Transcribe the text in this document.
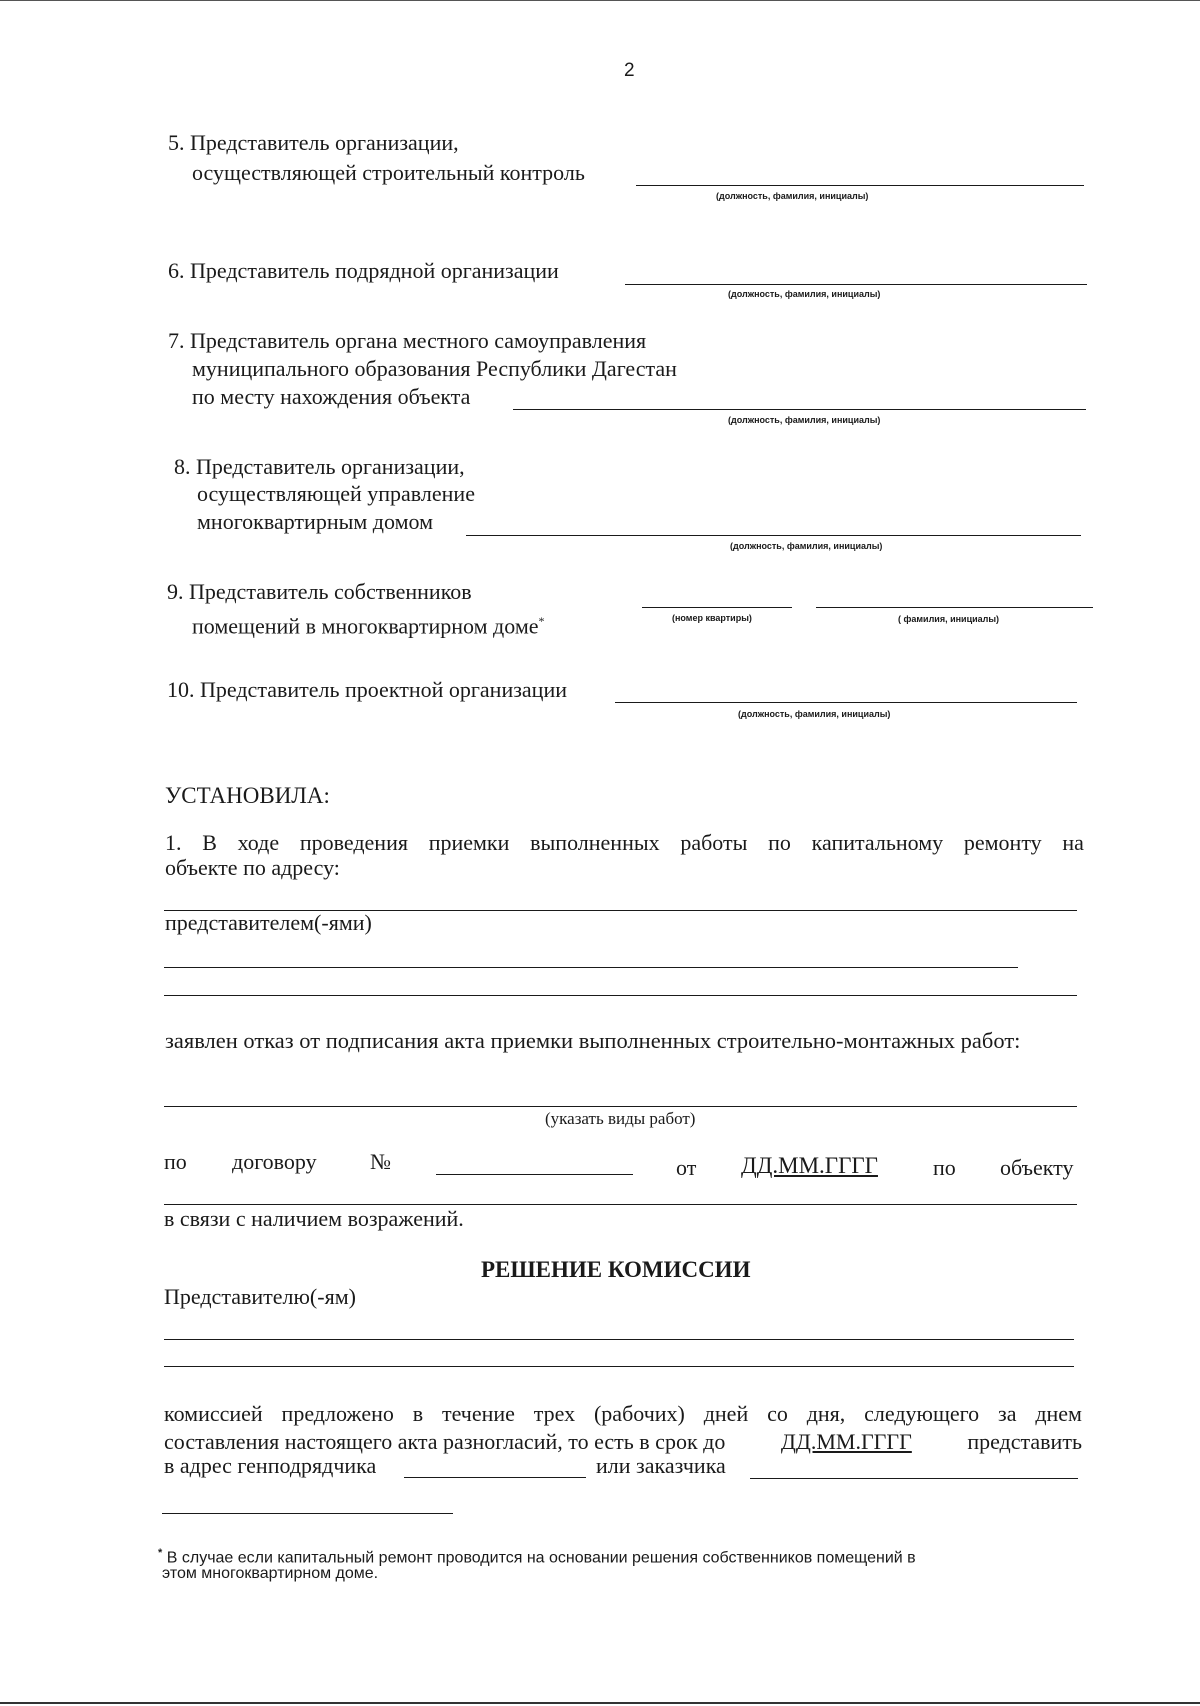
2
5. Представитель организации,
осуществляющей строительный контроль
(должность, фамилия, инициалы)
6. Представитель подрядной организации
(должность, фамилия, инициалы)
7. Представитель органа местного самоуправления
муниципального образования Республики Дагестан
по месту нахождения объекта
(должность, фамилия, инициалы)
8. Представитель организации,
осуществляющей управление
многоквартирным домом
(должность, фамилия, инициалы)
9. Представитель собственников
помещений в многоквартирном доме*	(номер квартиры)	( фамилия, инициалы)
10. Представитель проектной организации
(должность, фамилия, инициалы)
УСТАНОВИЛА:
1. В ходе проведения приемки выполненных работы по капитальному ремонту на
объекте по адресу:
представителем(-ями)
заявлен отказ от подписания акта приемки выполненных строительно-монтажных работ:
(указать виды работ)
по договору №	от ДД.ММ.ГГГГ	по объекту
в связи с наличием возражений.
РЕШЕНИЕ КОМИССИИ
Представителю(-ям)
комиссией предложено в течение трех (рабочих) дней со дня, следующего за днем
составления настоящего акта разногласий, то есть в срок до	ДД.ММ.ГГГГ	представить
в адрес генподрядчика	или заказчика
* В случае если капитальный ремонт проводится на основании решения собственников помещений в
этом многоквартирном доме.
